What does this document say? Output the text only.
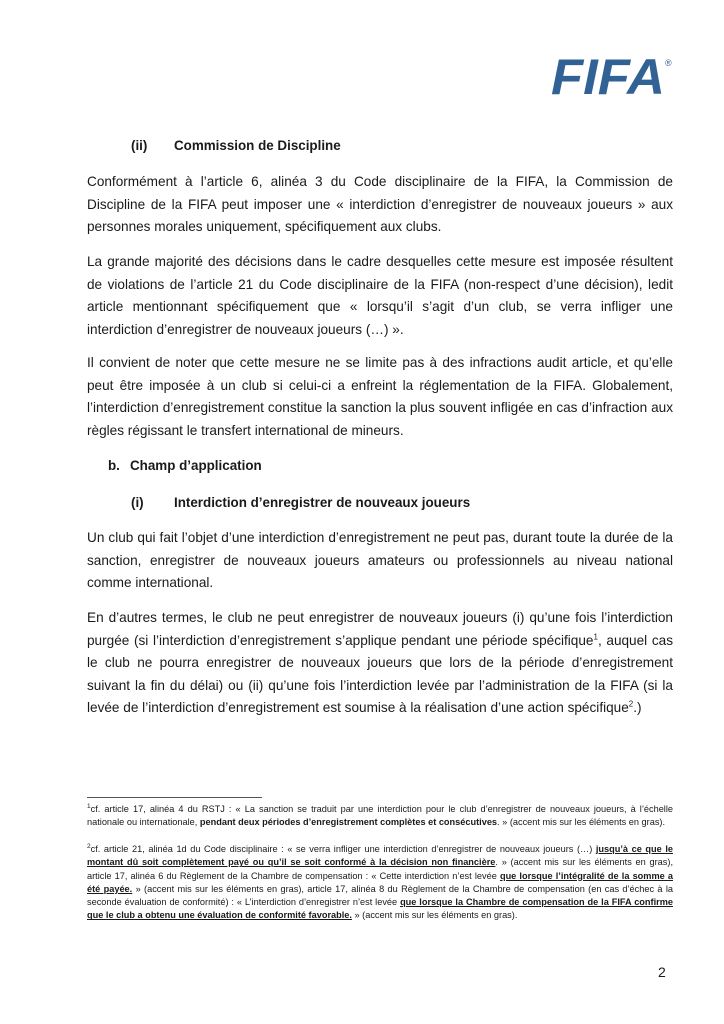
FIFA ®
(ii) Commission de Discipline

Conformément à l’article 6, alinéa 3 du Code disciplinaire de la FIFA, la Commission de Discipline de la FIFA peut imposer une « interdiction d’enregistrer de nouveaux joueurs » aux personnes morales uniquement, spécifiquement aux clubs.

La grande majorité des décisions dans le cadre desquelles cette mesure est imposée résultent de violations de l’article 21 du Code disciplinaire de la FIFA (non-respect d’une décision), ledit article mentionnant spécifiquement que « lorsqu’il s’agit d’un club, se verra infliger une interdiction d’enregistrer de nouveaux joueurs (…) ».

Il convient de noter que cette mesure ne se limite pas à des infractions audit article, et qu’elle peut être imposée à un club si celui-ci a enfreint la réglementation de la FIFA. Globalement, l’interdiction d’enregistrement constitue la sanction la plus souvent infligée en cas d’infraction aux règles régissant le transfert international de mineurs.

b. Champ d’application
(i) Interdiction d’enregistrer de nouveaux joueurs

Un club qui fait l’objet d’une interdiction d’enregistrement ne peut pas, durant toute la durée de la sanction, enregistrer de nouveaux joueurs amateurs ou professionnels au niveau national comme international.

En d’autres termes, le club ne peut enregistrer de nouveaux joueurs (i) qu’une fois l’interdiction purgée (si l’interdiction d’enregistrement s’applique pendant une période spécifique$^1$, auquel cas le club ne pourra enregistrer de nouveaux joueurs que lors de la période d’enregistrement suivant la fin du délai) ou (ii) qu’une fois l’interdiction levée par l’administration de la FIFA (si la levée de l’interdiction d’enregistrement est soumise à la réalisation d’une action spécifique$^2$.)

$^1$cf. article 17, alinéa 4 du RSTJ : « La sanction se traduit par une interdiction pour le club d’enregistrer de nouveaux joueurs, à l’échelle nationale ou internationale, pendant deux périodes d’enregistrement complètes et consécutives. » (accent mis sur les éléments en gras).

$^2$cf. article 21, alinéa 1d du Code disciplinaire : « se verra infliger une interdiction d’enregistrer de nouveaux joueurs (…) jusqu’à ce que le montant dû soit complètement payé ou qu’il se soit conformé à la décision non financière. » (accent mis sur les éléments en gras), article 17, alinéa 6 du Règlement de la Chambre de compensation : « Cette interdiction n’est levée que lorsque l’intégralité de la somme a été payée. » (accent mis sur les éléments en gras), article 17, alinéa 8 du Règlement de la Chambre de compensation (en cas d’échec à la seconde évaluation de conformité) : « L’interdiction d’enregistrer n’est levée que lorsque la Chambre de compensation de la FIFA confirme que le club a obtenu une évaluation de conformité favorable. » (accent mis sur les éléments en gras).

2
